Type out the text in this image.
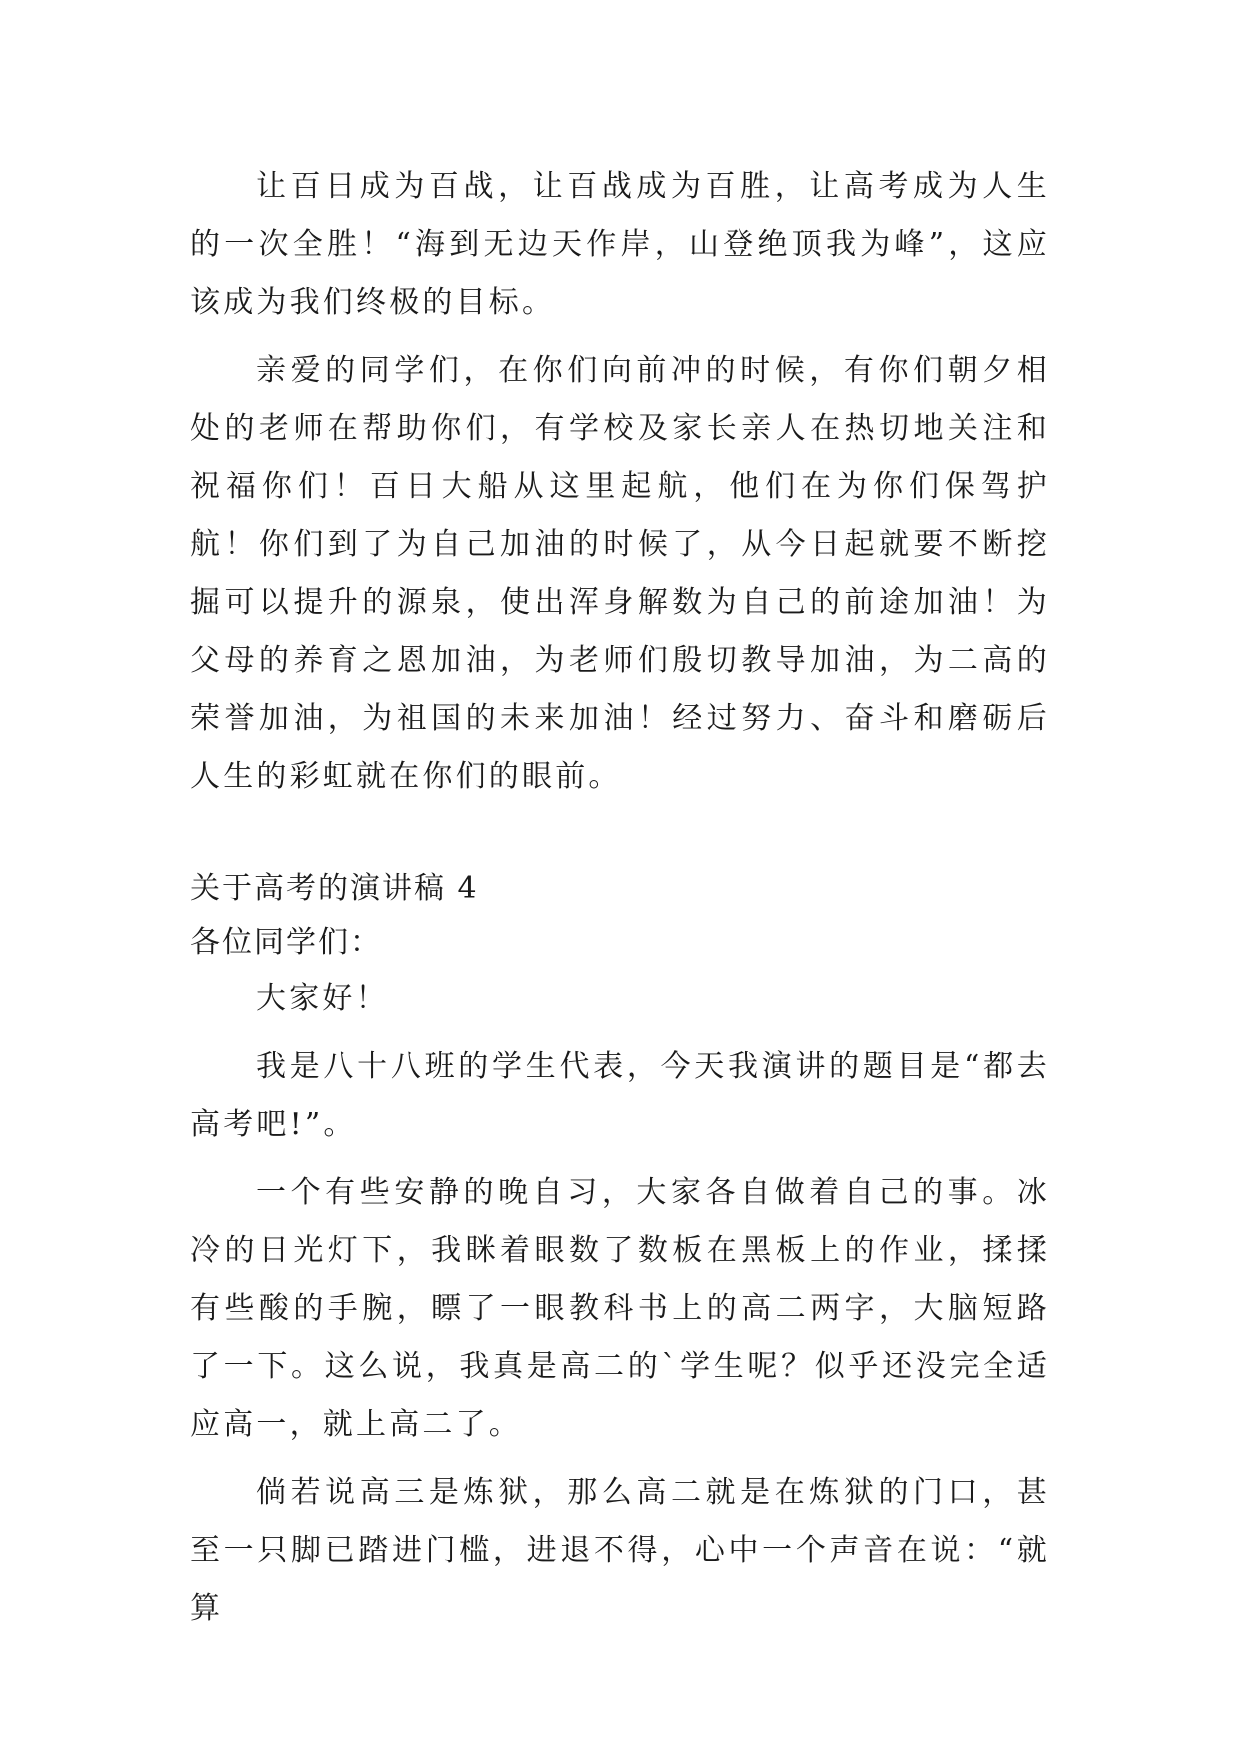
让百日成为百战，让百战成为百胜，让高考成为人生的一次全胜！“海到无边天作岸，山登绝顶我为峰”，这应该成为我们终极的目标。

亲爱的同学们，在你们向前冲的时候，有你们朝夕相处的老师在帮助你们，有学校及家长亲人在热切地关注和祝福你们！百日大船从这里起航，他们在为你们保驾护航！你们到了为自己加油的时候了，从今日起就要不断挖掘可以提升的源泉，使出浑身解数为自己的前途加油！为父母的养育之恩加油，为老师们殷切教导加油，为二高的荣誉加油，为祖国的未来加油！经过努力、奋斗和磨砺后人生的彩虹就在你们的眼前。

关于高考的演讲稿 4
各位同学们：

大家好！

我是八十八班的学生代表，今天我演讲的题目是“都去高考吧!”。

一个有些安静的晚自习，大家各自做着自己的事。冰冷的日光灯下，我眯着眼数了数板在黑板上的作业，揉揉有些酸的手腕，瞟了一眼教科书上的高二两字，大脑短路了一下。这么说，我真是高二的`学生呢？似乎还没完全适应高一，就上高二了。

倘若说高三是炼狱，那么高二就是在炼狱的门口，甚至一只脚已踏进门槛，进退不得，心中一个声音在说：“就算
